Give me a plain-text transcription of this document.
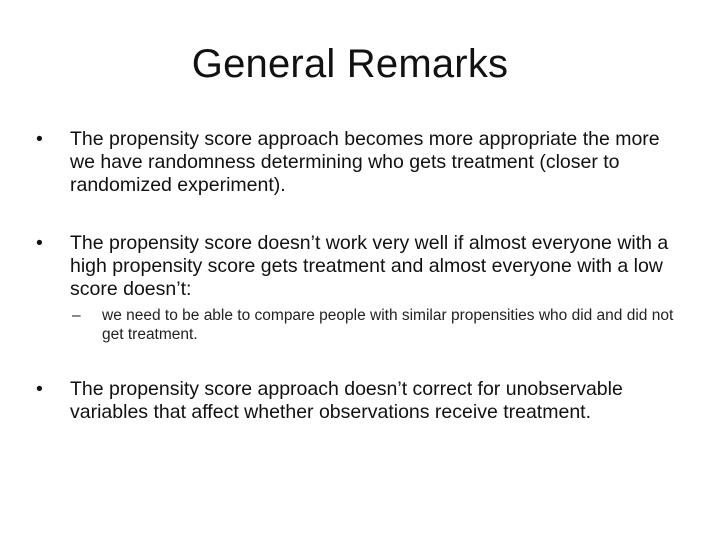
General Remarks
•	The propensity score approach becomes more appropriate the more we have randomness determining who gets treatment (closer to randomized experiment).
•	The propensity score doesn’t work very well if almost everyone with a high propensity score gets treatment and almost everyone with a low score doesn’t:
– we need to be able to compare people with similar propensities who did and did not get treatment.
•	The propensity score approach doesn’t correct for unobservable variables that affect whether observations receive treatment.
